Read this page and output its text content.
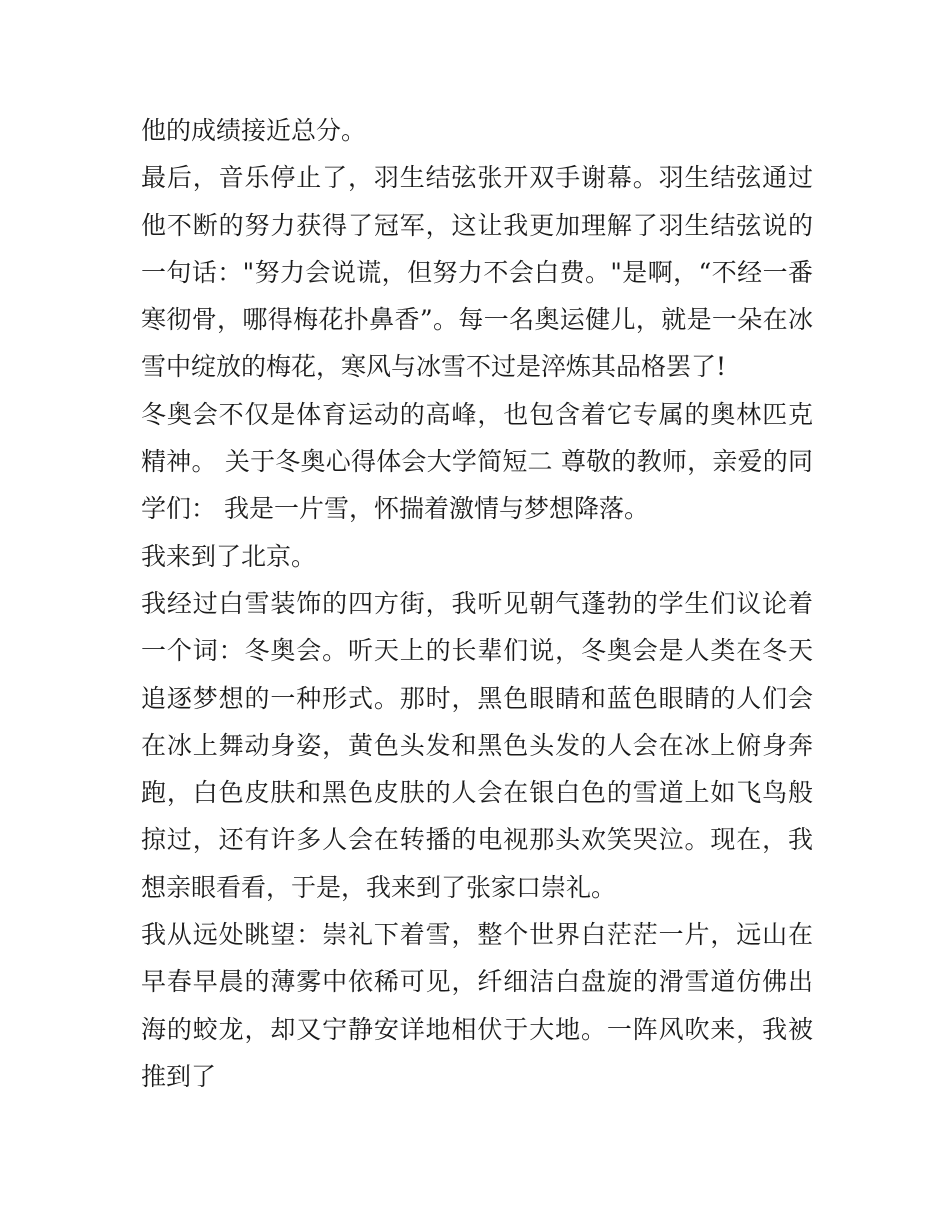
他的成绩接近总分。

最后，音乐停止了，羽生结弦张开双手谢幕。羽生结弦通过他不断的努力获得了冠军，这让我更加理解了羽生结弦说的一句话："努力会说谎，但努力不会白费。"是啊，“不经一番寒彻骨，哪得梅花扑鼻香”。每一名奥运健儿，就是一朵在冰雪中绽放的梅花，寒风与冰雪不过是淬炼其品格罢了!

冬奥会不仅是体育运动的高峰，也包含着它专属的奥林匹克精神。 关于冬奥心得体会大学简短二 尊敬的教师，亲爱的同学们： 我是一片雪，怀揣着激情与梦想降落。

我来到了北京。

我经过白雪装饰的四方街，我听见朝气蓬勃的学生们议论着一个词：冬奥会。听天上的长辈们说，冬奥会是人类在冬天追逐梦想的一种形式。那时，黑色眼睛和蓝色眼睛的人们会在冰上舞动身姿，黄色头发和黑色头发的人会在冰上俯身奔跑，白色皮肤和黑色皮肤的人会在银白色的雪道上如飞鸟般掠过，还有许多人会在转播的电视那头欢笑哭泣。现在，我想亲眼看看，于是，我来到了张家口崇礼。

我从远处眺望：崇礼下着雪，整个世界白茫茫一片，远山在早春早晨的薄雾中依稀可见，纤细洁白盘旋的滑雪道仿佛出海的蛟龙，却又宁静安详地相伏于大地。一阵风吹来，我被推到了
